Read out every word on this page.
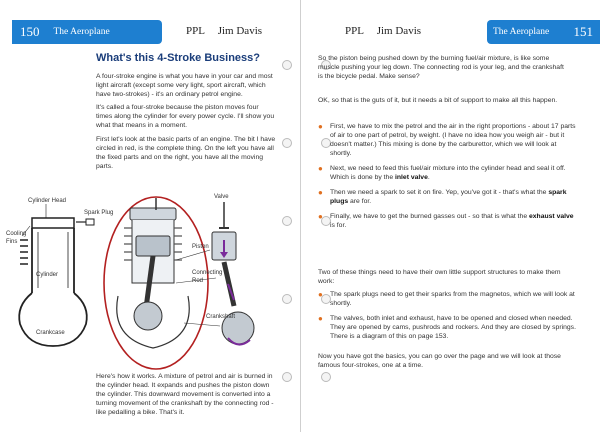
150	The Aeroplane	PPL Jim Davis
What's this 4-Stroke Business?

A four-stroke engine is what you have in your car and most light aircraft (except some very light, sport aircraft, which have two-strokes) - it's an ordinary petrol engine.

It's called a four-stroke because the piston moves four times along the cylinder for every power cycle. I'll show you what that means in a moment.

First let's look at the basic parts of an engine. The bit I have circled in red, is the complete thing. On the left you have all the fixed parts and on the right, you have all the moving parts.

Cylinder Head
Spark Plug
Cooling
Fins
Cylinder
Crankcase
Valve
Piston
Connecting
Rod
Crankshaft

Here's how it works. A mixture of petrol and air is burned in the cylinder head. It expands and pushes the piston down the cylinder. This downward movement is converted into a turning movement of the crankshaft by the connecting rod - like pedalling a bike. That's it.

PPL Jim Davis	The Aeroplane	151

So the piston being pushed down by the burning fuel/air mixture, is like some muscle pushing your leg down. The connecting rod is your leg, and the crankshaft is the bicycle pedal. Make sense?

OK, so that is the guts of it, but it needs a bit of support to make all this happen.

● First, we have to mix the petrol and the air in the right proportions - about 17 parts of air to one part of petrol, by weight. (I have no idea how you weigh air - but it doesn't matter.) This mixing is done by the carburettor, which we will look at shortly.
● Next, we need to feed this fuel/air mixture into the cylinder head and seal it off. Which is done by the inlet valve.
● Then we need a spark to set it on fire. Yep, you've got it - that's what the spark plugs are for.
● Finally, we have to get the burned gasses out - so that is what the exhaust valve is for.

Two of these things need to have their own little support structures to make them work:

● The spark plugs need to get their sparks from the magnetos, which we will look at shortly.
● The valves, both inlet and exhaust, have to be opened and closed when needed. They are opened by cams, pushrods and rockers. And they are closed by springs. There is a diagram of this on page 153.

Now you have got the basics, you can go over the page and we will look at those famous four-strokes, one at a time.
